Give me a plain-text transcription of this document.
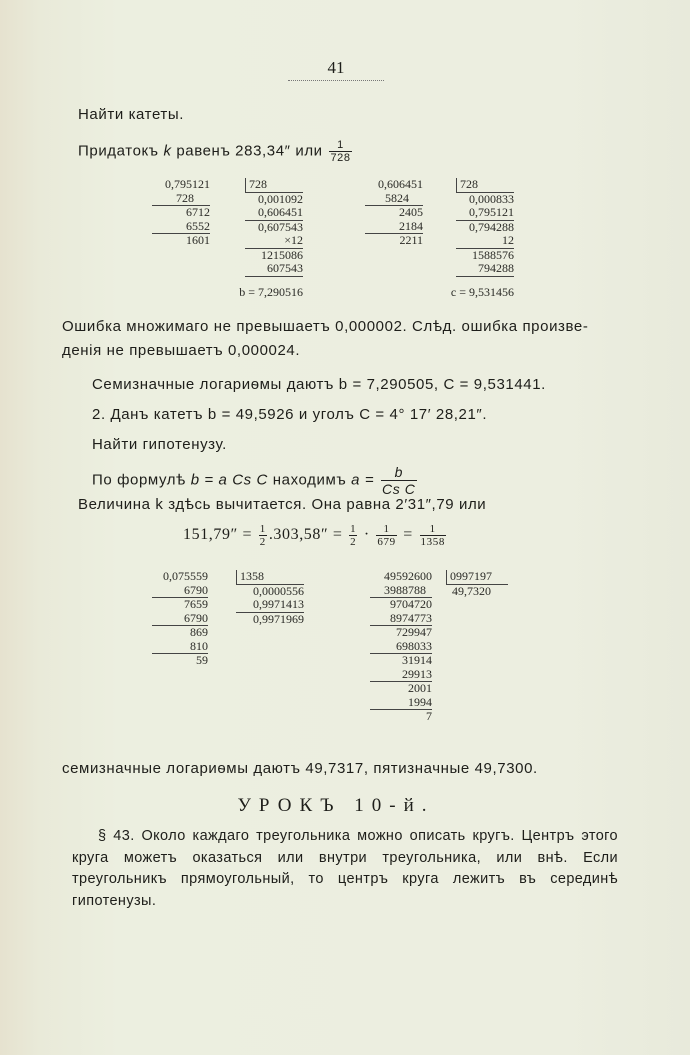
41
Найти катеты.
Придатокъ k равенъ 283,34″ или $\frac{1}{728}$
0,795121
728
6712
6552
1601
728
0,001092
0,606451
0,607543
×12
1215086
607543
b = 7,290516
0,606451
5824
2405
2184
2211
728
0,000833
0,795121
0,794288
12
1588576
794288
c = 9,531456
Ошибка множимаго не превышаетъ 0,000002. Слѣд. ошибка произве-
денія не превышаетъ 0,000024.
Семизначные логариѳмы даютъ b = 7,290505, C = 9,531441.
2. Данъ катетъ b = 49,5926 и уголъ C = 4° 17′ 28,21″.
Найти гипотенузу.
По формулѣ b = a Cs C находимъ $a = \frac{b}{\text{Cs C}}$
Величина k здѣсь вычитается. Она равна 2′31″,79 или
$151,79'' = \frac{1}{2} .303,58'' = \frac{1}{2} \cdot \frac{1}{679} = \frac{1}{1358}$
0,075559
6790
7659
6790
869
810
59
1358
0,0000556
0,9971413
0,9971969
49592600
3988788
9704720
8974773
729947
698033
31914
29913
2001
1994
7
0997197
49,7320
семизначные логариѳмы даютъ 49,7317, пятизначные 49,7300.
УРОКЪ 10-й.
§ 43. Около каждаго треугольника можно описать кругъ. Центръ этого круга можетъ оказаться или внутри треугольника, или внѣ. Если треугольникъ прямоугольный, то центръ круга лежитъ въ серединѣ гипотенузы.
